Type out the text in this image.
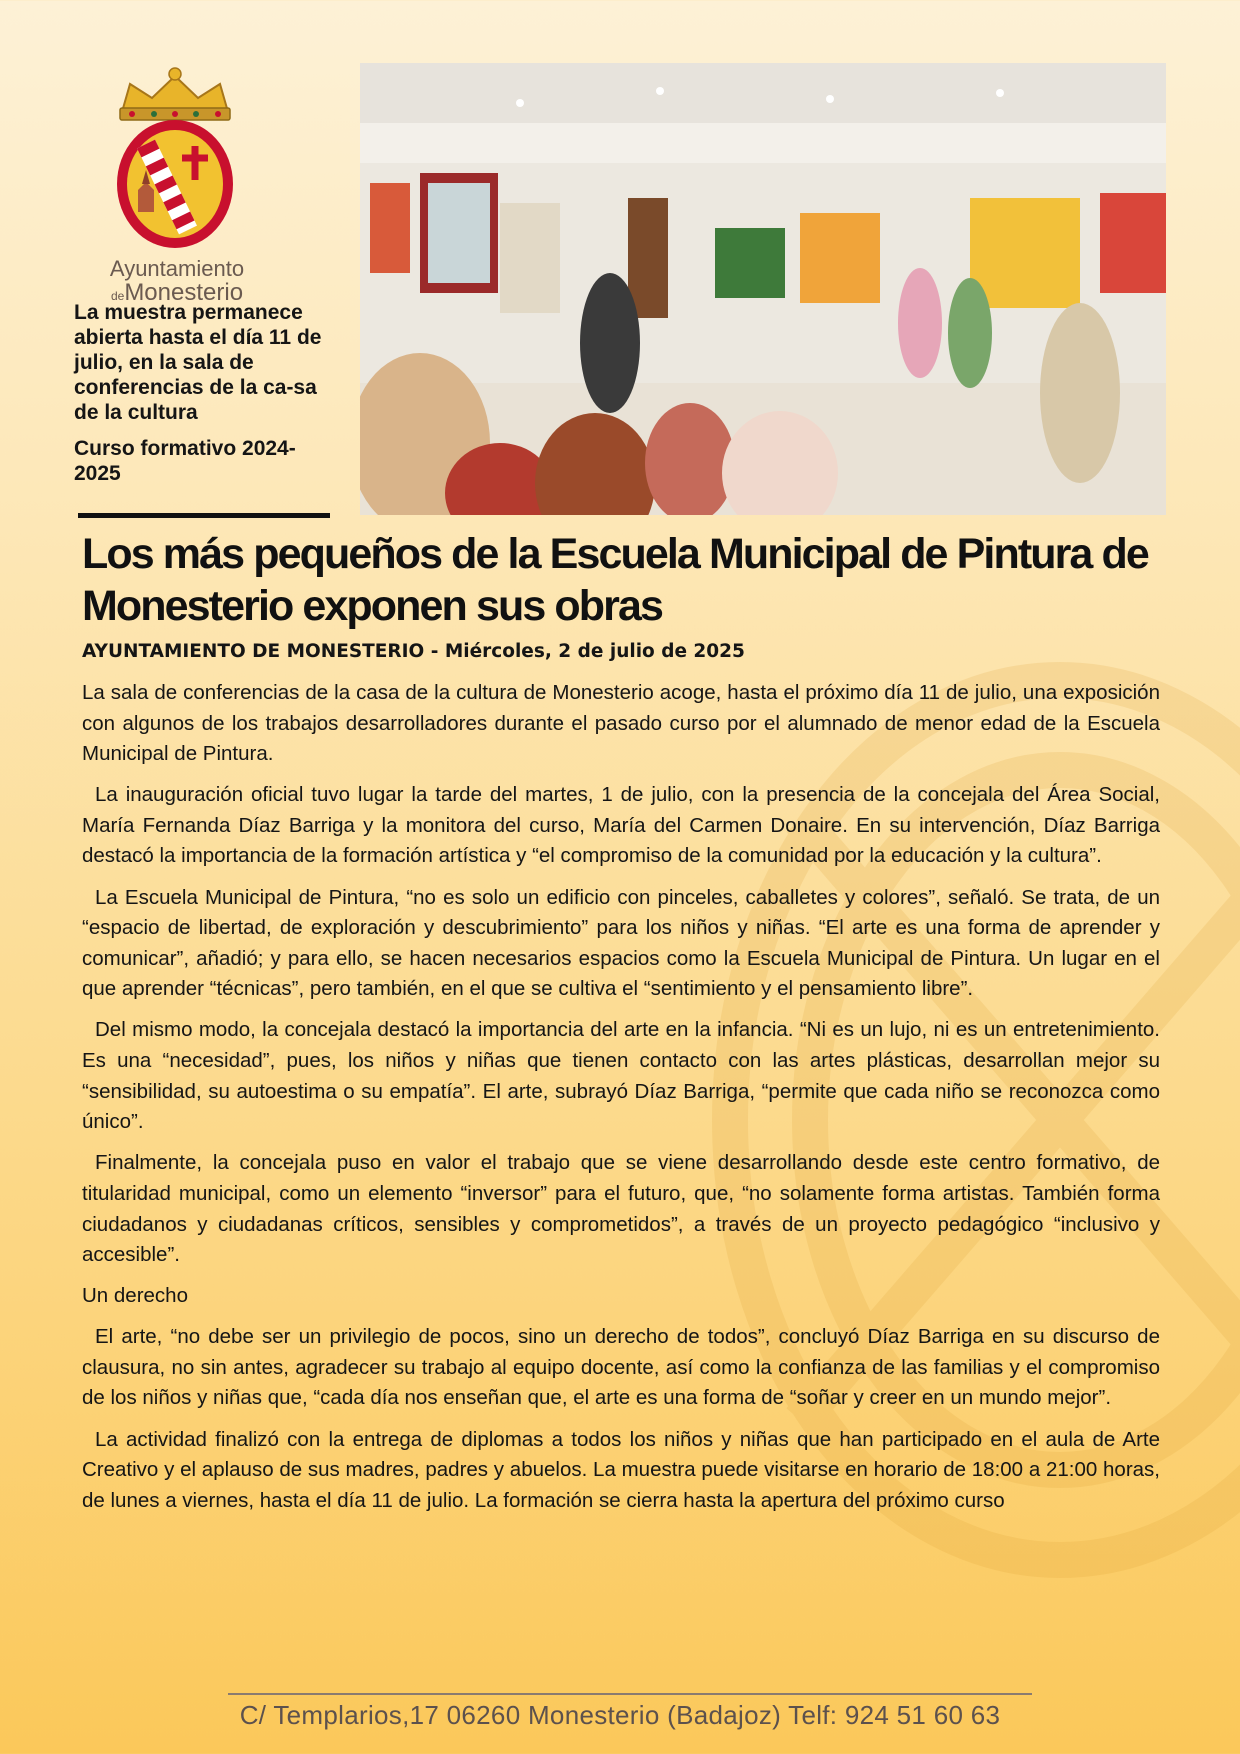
Ayuntamiento
deMonesterio

La muestra permanece abierta hasta el día 11 de julio, en la sala de conferencias de la ca-sa de la cultura

Curso formativo 2024-2025

Los más pequeños de la Escuela Municipal de Pintura de Monesterio exponen sus obras

AYUNTAMIENTO DE MONESTERIO - Miércoles, 2 de julio de 2025

La sala de conferencias de la casa de la cultura de Monesterio acoge, hasta el próximo día 11 de julio, una exposición con algunos de los trabajos desarrolladores durante el pasado curso por el alumnado de menor edad de la Escuela Municipal de Pintura.

La inauguración oficial tuvo lugar la tarde del martes, 1 de julio, con la presencia de la concejala del Área Social, María Fernanda Díaz Barriga y la monitora del curso, María del Carmen Donaire. En su intervención, Díaz Barriga destacó la importancia de la formación artística y “el compromiso de la comunidad por la educación y la cultura”.

La Escuela Municipal de Pintura, “no es solo un edificio con pinceles, caballetes y colores”, señaló. Se trata, de un “espacio de libertad, de exploración y descubrimiento” para los niños y niñas. “El arte es una forma de aprender y comunicar”, añadió; y para ello, se hacen necesarios espacios como la Escuela Municipal de Pintura. Un lugar en el que aprender “técnicas”, pero también, en el que se cultiva el “sentimiento y el pensamiento libre”.

Del mismo modo, la concejala destacó la importancia del arte en la infancia. “Ni es un lujo, ni es un entretenimiento. Es una “necesidad”, pues, los niños y niñas que tienen contacto con las artes plásticas, desarrollan mejor su “sensibilidad, su autoestima o su empatía”. El arte, subrayó Díaz Barriga, “permite que cada niño se reconozca como único”.

Finalmente, la concejala puso en valor el trabajo que se viene desarrollando desde este centro formativo, de titularidad municipal, como un elemento “inversor” para el futuro, que, “no solamente forma artistas. También forma ciudadanos y ciudadanas críticos, sensibles y comprometidos”, a través de un proyecto pedagógico “inclusivo y accesible”.

Un derecho

El arte, “no debe ser un privilegio de pocos, sino un derecho de todos”, concluyó Díaz Barriga en su discurso de clausura, no sin antes, agradecer su trabajo al equipo docente, así como la confianza de las familias y el compromiso de los niños y niñas que, “cada día nos enseñan que, el arte es una forma de “soñar y creer en un mundo mejor”.

La actividad finalizó con la entrega de diplomas a todos los niños y niñas que han participado en el aula de Arte Creativo y el aplauso de sus madres, padres y abuelos. La muestra puede visitarse en horario de 18:00 a 21:00 horas, de lunes a viernes, hasta el día 11 de julio. La formación se cierra hasta la apertura del próximo curso

C/ Templarios,17 06260 Monesterio (Badajoz) Telf: 924 51 60 63
